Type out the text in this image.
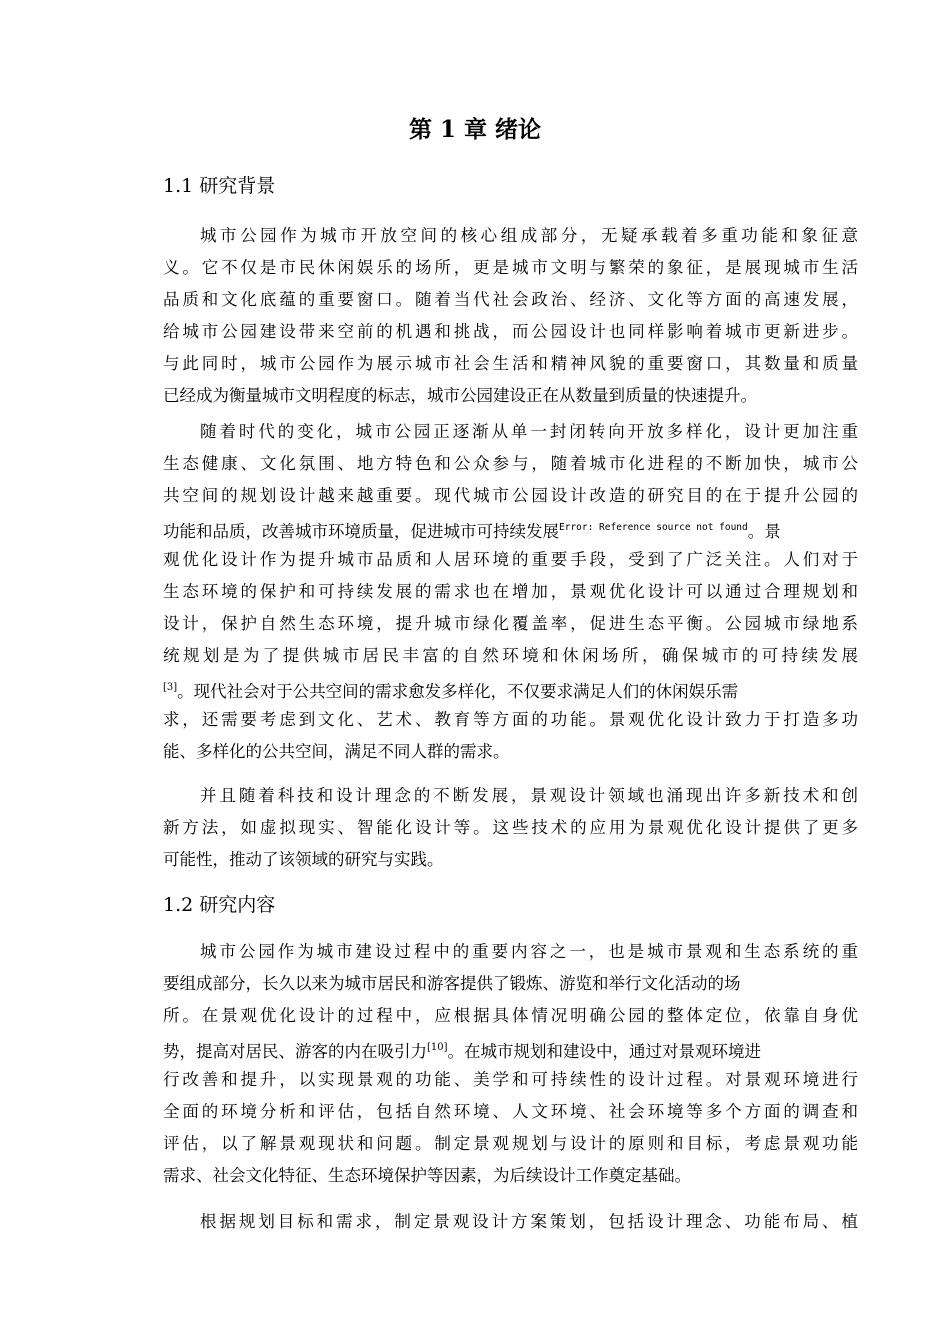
第 1 章 绪论
1.1 研究背景
城市公园作为城市开放空间的核心组成部分，无疑承载着多重功能和象征意
义。它不仅是市民休闲娱乐的场所，更是城市文明与繁荣的象征，是展现城市生活
品质和文化底蕴的重要窗口。随着当代社会政治、经济、文化等方面的高速发展，
给城市公园建设带来空前的机遇和挑战，而公园设计也同样影响着城市更新进步。
与此同时，城市公园作为展示城市社会生活和精神风貌的重要窗口，其数量和质量
已经成为衡量城市文明程度的标志，城市公园建设正在从数量到质量的快速提升。
随着时代的变化，城市公园正逐渐从单一封闭转向开放多样化，设计更加注重
生态健康、文化氛围、地方特色和公众参与，随着城市化进程的不断加快，城市公
共空间的规划设计越来越重要。现代城市公园设计改造的研究目的在于提升公园的
功能和品质，改善城市环境质量，促进城市可持续发展$^{Error: Reference source not found}$。景
观优化设计作为提升城市品质和人居环境的重要手段，受到了广泛关注。人们对于
生态环境的保护和可持续发展的需求也在增加，景观优化设计可以通过合理规划和
设计，保护自然生态环境，提升城市绿化覆盖率，促进生态平衡。公园城市绿地系
统规划是为了提供城市居民丰富的自然环境和休闲场所，确保城市的可持续发展
[3]。现代社会对于公共空间的需求愈发多样化，不仅要求满足人们的休闲娱乐需
求，还需要考虑到文化、艺术、教育等方面的功能。景观优化设计致力于打造多功
能、多样化的公共空间，满足不同人群的需求。
并且随着科技和设计理念的不断发展，景观设计领域也涌现出许多新技术和创
新方法，如虚拟现实、智能化设计等。这些技术的应用为景观优化设计提供了更多
可能性，推动了该领域的研究与实践。
1.2 研究内容
城市公园作为城市建设过程中的重要内容之一，也是城市景观和生态系统的重
要组成部分，长久以来为城市居民和游客提供了锻炼、游览和举行文化活动的场
所。在景观优化设计的过程中，应根据具体情况明确公园的整体定位，依靠自身优
势，提高对居民、游客的内在吸引力[10]。在城市规划和建设中，通过对景观环境进
行改善和提升，以实现景观的功能、美学和可持续性的设计过程。对景观环境进行
全面的环境分析和评估，包括自然环境、人文环境、社会环境等多个方面的调查和
评估，以了解景观现状和问题。制定景观规划与设计的原则和目标，考虑景观功能
需求、社会文化特征、生态环境保护等因素，为后续设计工作奠定基础。
根据规划目标和需求，制定景观设计方案策划，包括设计理念、功能布局、植
